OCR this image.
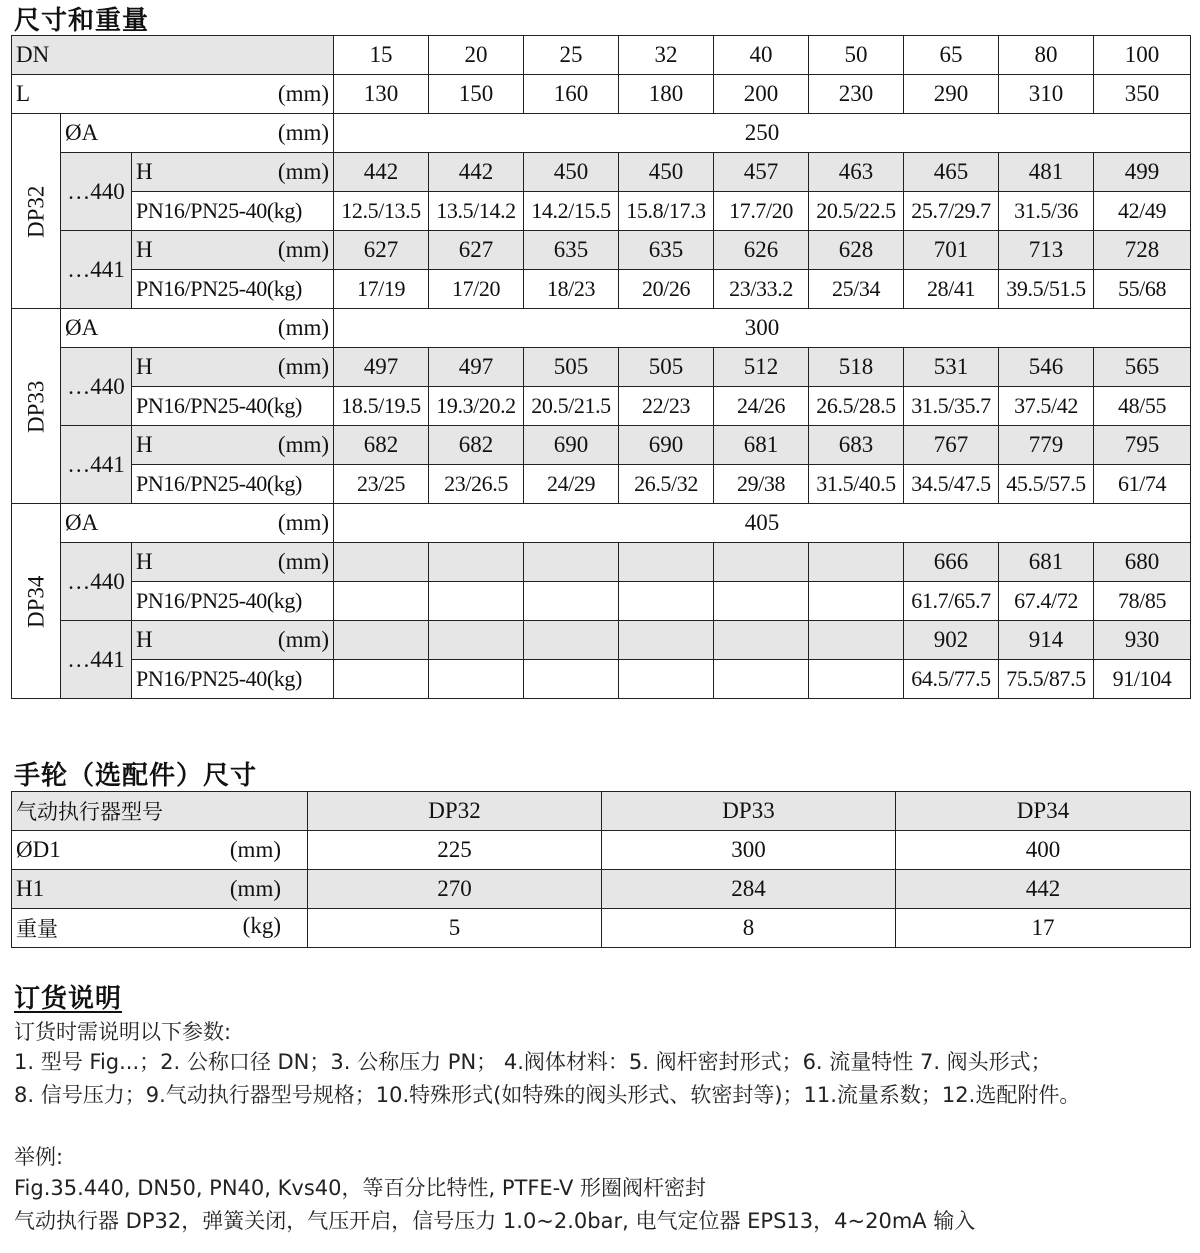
尺寸和重量
DN			15	20	25	32	40	50	65	80	100
L (mm)			130	150	160	180	200	230	290	310	350

DP32	ØA (mm)		250								
	…440	H (mm)	442	442	450	450	457	463	465	481	499
		PN16/PN25-40(kg)	12.5/13.5	13.5/14.2	14.2/15.5	15.8/17.3	17.7/20	20.5/22.5	25.7/29.7	31.5/36	42/49
	…441	H (mm)	627	627	635	635	626	628	701	713	728
		PN16/PN25-40(kg)	17/19	17/20	18/23	20/26	23/33.2	25/34	28/41	39.5/51.5	55/68

DP33	ØA (mm)		300								
	…440	H (mm)	497	497	505	505	512	518	531	546	565
		PN16/PN25-40(kg)	18.5/19.5	19.3/20.2	20.5/21.5	22/23	24/26	26.5/28.5	31.5/35.7	37.5/42	48/55
	…441	H (mm)	682	682	690	690	681	683	767	779	795
		PN16/PN25-40(kg)	23/25	23/26.5	24/29	26.5/32	29/38	31.5/40.5	34.5/47.5	45.5/57.5	61/74

DP34	ØA (mm)		405								
	…440	H (mm)							666	681	680
		PN16/PN25-40(kg)							61.7/65.7	67.4/72	78/85
	…441	H (mm)							902	914	930
		PN16/PN25-40(kg)							64.5/77.5	75.5/87.5	91/104
手轮（选配件）尺寸
气动执行器型号	DP32	DP33	DP34
ØD1 (mm)	225	300	400
H1 (mm)	270	284	442
重量 (kg)	5	8	17
订货说明

订货时需说明以下参数:

1. 型号 Fig...；2. 公称口径 DN；3. 公称压力 PN； 4.阀体材料：5. 阀杆密封形式；6. 流量特性 7. 阀头形式；

8. 信号压力；9.气动执行器型号规格；10.特殊形式(如特殊的阀头形式、软密封等)；11.流量系数；12.选配附件。

举例:

Fig.35.440, DN50, PN40, Kvs40，等百分比特性, PTFE-V 形圈阀杆密封

气动执行器 DP32，弹簧关闭，气压开启，信号压力 1.0~2.0bar, 电气定位器 EPS13，4~20mA 输入
